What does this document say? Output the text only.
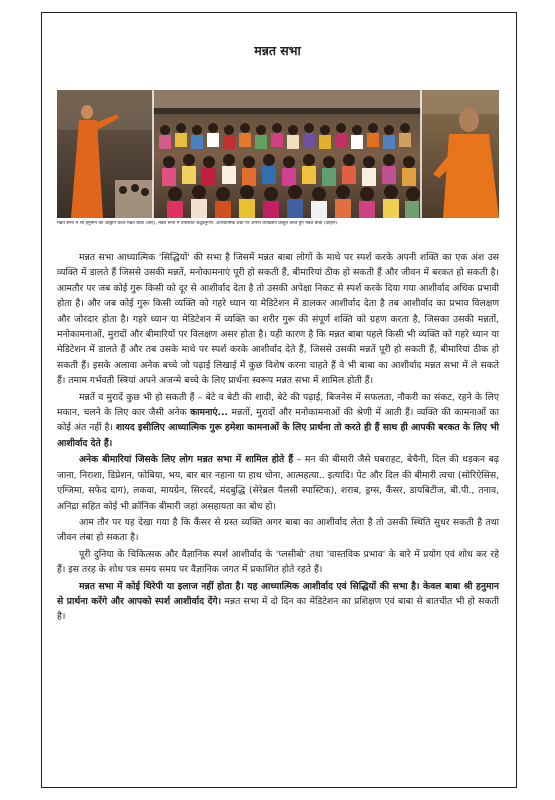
मन्नत सभा
मन्नत सभा में श्री हनुमान का आह्वान करते मन्नत बाबा (बाएं), मन्नत सभा में उपस्थित श्रद्धालुगण, आध्यात्मिक प्रश्नों पर अपना व्याख्यान प्रस्तुत करते हुए मन्नत बाबा (दाहिने)

मन्नत सभा आध्यात्मिक 'सिद्धियों' की सभा है जिसमें मन्नत बाबा लोगों के माथे पर स्पर्श करके अपनी शक्ति का एक अंश उस व्यक्ति में डालते हैं जिससे उसकी मन्नतें, मनोकामनाएं पूरी हो सकती हैं, बीमारियां ठीक हो सकती हैं और जीवन में बरकत हो सकती है। आमतौर पर जब कोई गुरू किसी को दूर से आशीर्वाद देता है तो उसकी अपेक्षा निकट से स्पर्श करके दिया गया आशीर्वाद अधिक प्रभावी होता है। और जब कोई गुरू किसी व्यक्ति को गहरे ध्यान या मेडिटेशन में डालकर आशीर्वाद देता है तब आशीर्वाद का प्रभाव विलक्षण और जोरदार होता है। गहरे ध्यान या मेडिटेशन में व्यक्ति का शरीर गुरू की संपूर्ण शक्ति को ग्रहण करता है, जिसका उसकी मन्नतों, मनोकामनाओं, मुरादों और बीमारियों पर विलक्षण असर होता है। यही कारण है कि मन्नत बाबा पहले किसी भी व्यक्ति को गहरे ध्यान या मेडिटेशन में डालते हैं और तब उसके माथे पर स्पर्श करके आशीर्वाद देते हैं, जिससे उसकी मन्नतें पूरी हो सकती हैं, बीमारियां ठीक हो सकती हैं। इसके अलावा अनेक बच्चे जो पढ़ाई लिखाई में कुछ विशेष करना चाहते हैं वे भी बाबा का आशीर्वाद मन्नत सभा में ले सकते हैं। तमाम गर्भवती स्त्रियां अपने अजन्मे बच्चे के लिए प्रार्थना स्वरूप मन्नत सभा में शामिल होती हैं।

मन्नतें व मुरादें कुछ भी हो सकती हैं – बेटे व बेटी की शादी, बेटे की पढ़ाई, बिजनेस में सफलता, नौकरी का संकट, रहने के लिए मकान, चलने के लिए कार जैसी अनेक कामनाएं... मन्नतों, मुरादों और मनोकामनाओं की श्रेणी में आती हैं। व्यक्ति की कामनाओं का कोई अंत नहीं है। शायद इसीलिए आध्यात्मिक गुरू हमेशा कामनाओं के लिए प्रार्थना तो करते ही हैं साथ ही आपकी बरकत के लिए भी आशीर्वाद देते हैं।

अनेक बीमारियां जिसके लिए लोग मन्नत सभा में शामिल होते हैं – मन की बीमारी जैसे घबराहट, बेचैनी, दिल की धड़कन बढ़ जाना, निराशा, डिप्रेशन, फोबिया, भय, बार बार नहाना या हाथ धोना, आत्महत्या.. इत्यादि। पेट और दिल की बीमारी त्वचा (सोरिऐसिस, एग्जिमा, सफेद दाग), लकवा, मायग्रेन, सिरदर्द, मंदबुद्धि (सेरेब्रल पैलसी स्पास्टिक), शराब, ड्रग्स, कैंसर, डायबिटीज, बी.पी., तनाव, अनिद्रा सहित कोई भी क्रॉनिक बीमारी जहां असहायता का बोध हो।

आम तौर पर यह देखा गया है कि कैंसर से ग्रस्त व्यक्ति अगर बाबा का आशीर्वाद लेता है तो उसकी स्थिति सुधर सकती है तथा जीवन लंबा हो सकता है।

पूरी दुनिया के चिकित्सक और वैज्ञानिक स्पर्श आशीर्वाद के 'प्लसीबो' तथा 'वास्तविक प्रभाव' के बारे में प्रयोग एवं शोध कर रहे हैं। इस तरह के शोध पत्र समय समय पर वैज्ञानिक जगत में प्रकाशित होते रहते हैं।

मन्नत सभा में कोई थिरेपी या इलाज नहीं होता है। यह आध्यात्मिक आशीर्वाद एवं सिद्धियों की सभा है। केवल बाबा श्री हनुमान से प्रार्थना करेंगे और आपको स्पर्श आशीर्वाद देंगे। मन्नत सभा में दो दिन का मेडिटेशन का प्रशिक्षण एवं बाबा से बातचीत भी हो सकती है।
